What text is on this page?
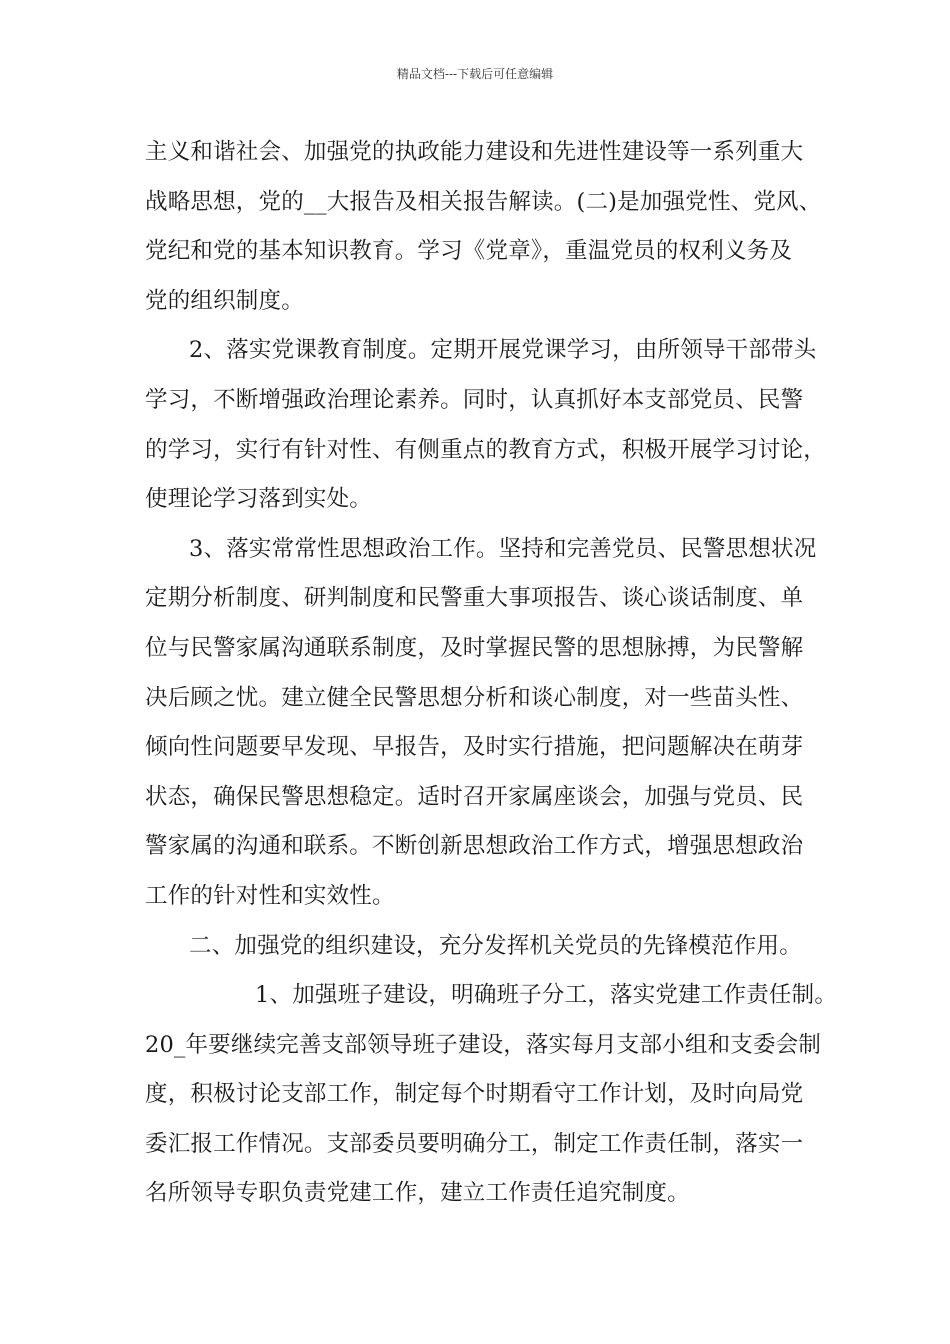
精品文档---下载后可任意编辑
主义和谐社会、加强党的执政能力建设和先进性建设等一系列重大
战略思想，党的__大报告及相关报告解读。(二)是加强党性、党风、
党纪和党的基本知识教育。学习《党章》，重温党员的权利义务及
党的组织制度。
2、落实党课教育制度。定期开展党课学习，由所领导干部带头
学习，不断增强政治理论素养。同时，认真抓好本支部党员、民警
的学习，实行有针对性、有侧重点的教育方式，积极开展学习讨论，
使理论学习落到实处。
3、落实常常性思想政治工作。坚持和完善党员、民警思想状况
定期分析制度、研判制度和民警重大事项报告、谈心谈话制度、单
位与民警家属沟通联系制度，及时掌握民警的思想脉搏，为民警解
决后顾之忧。建立健全民警思想分析和谈心制度，对一些苗头性、
倾向性问题要早发现、早报告，及时实行措施，把问题解决在萌芽
状态，确保民警思想稳定。适时召开家属座谈会，加强与党员、民
警家属的沟通和联系。不断创新思想政治工作方式，增强思想政治
工作的针对性和实效性。
二、加强党的组织建设，充分发挥机关党员的先锋模范作用。
1、加强班子建设，明确班子分工，落实党建工作责任制。
20_年要继续完善支部领导班子建设，落实每月支部小组和支委会制
度，积极讨论支部工作，制定每个时期看守工作计划，及时向局党
委汇报工作情况。支部委员要明确分工，制定工作责任制，落实一
名所领导专职负责党建工作，建立工作责任追究制度。
